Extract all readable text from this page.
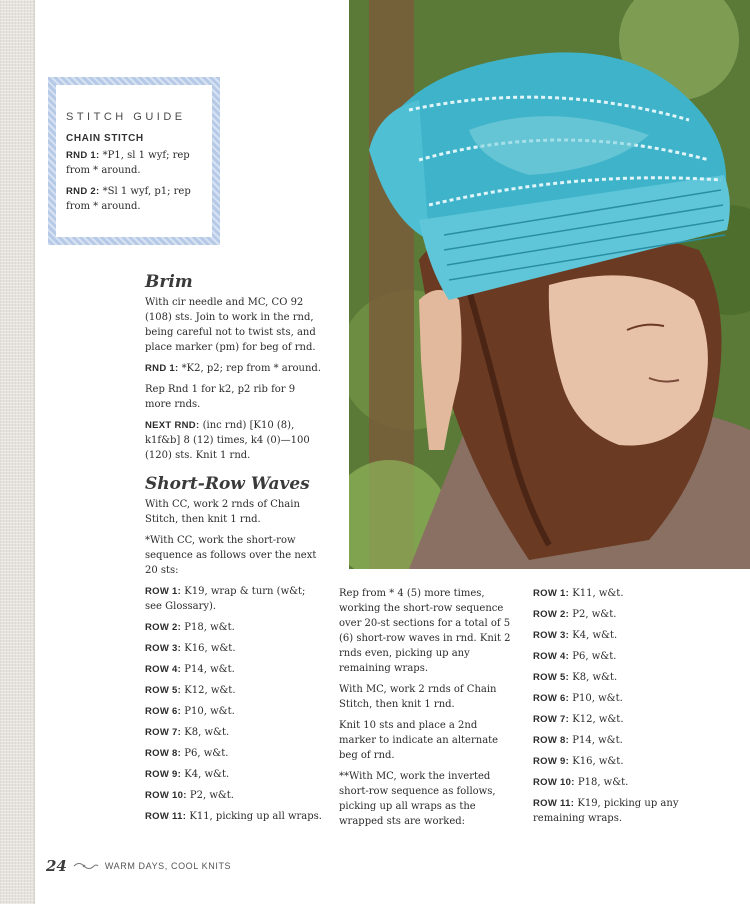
STITCH GUIDE
CHAIN STITCH

RND 1: *P1, sl 1 wyf; rep from * around.

RND 2: *Sl 1 wyf, p1; rep from * around.

Brim

With cir needle and MC, CO 92 (108) sts. Join to work in the rnd, being careful not to twist sts, and place marker (pm) for beg of rnd.

RND 1: *K2, p2; rep from * around.

Rep Rnd 1 for k2, p2 rib for 9 more rnds.

NEXT RND: (inc rnd) [K10 (8), k1f&b] 8 (12) times, k4 (0)—100 (120) sts. Knit 1 rnd.

Short-Row Waves

With CC, work 2 rnds of Chain Stitch, then knit 1 rnd.

*With CC, work the short-row sequence as follows over the next 20 sts:

ROW 1: K19, wrap & turn (w&t; see Glossary).

ROW 2: P18, w&t.

ROW 3: K16, w&t.

ROW 4: P14, w&t.

ROW 5: K12, w&t.

ROW 6: P10, w&t.

ROW 7: K8, w&t.

ROW 8: P6, w&t.

ROW 9: K4, w&t.

ROW 10: P2, w&t.

ROW 11: K11, picking up all wraps.

Rep from * 4 (5) more times, working the short-row sequence over 20-st sections for a total of 5 (6) short-row waves in rnd. Knit 2 rnds even, picking up any remaining wraps.

With MC, work 2 rnds of Chain Stitch, then knit 1 rnd.

Knit 10 sts and place a 2nd marker to indicate an alternate beg of rnd.

**With MC, work the inverted short-row sequence as follows, picking up all wraps as the wrapped sts are worked:

ROW 1: K11, w&t.

ROW 2: P2, w&t.

ROW 3: K4, w&t.

ROW 4: P6, w&t.

ROW 5: K8, w&t.

ROW 6: P10, w&t.

ROW 7: K12, w&t.

ROW 8: P14, w&t.

ROW 9: K16, w&t.

ROW 10: P18, w&t.

ROW 11: K19, picking up any remaining wraps.

24	WARM DAYS, COOL KNITS
